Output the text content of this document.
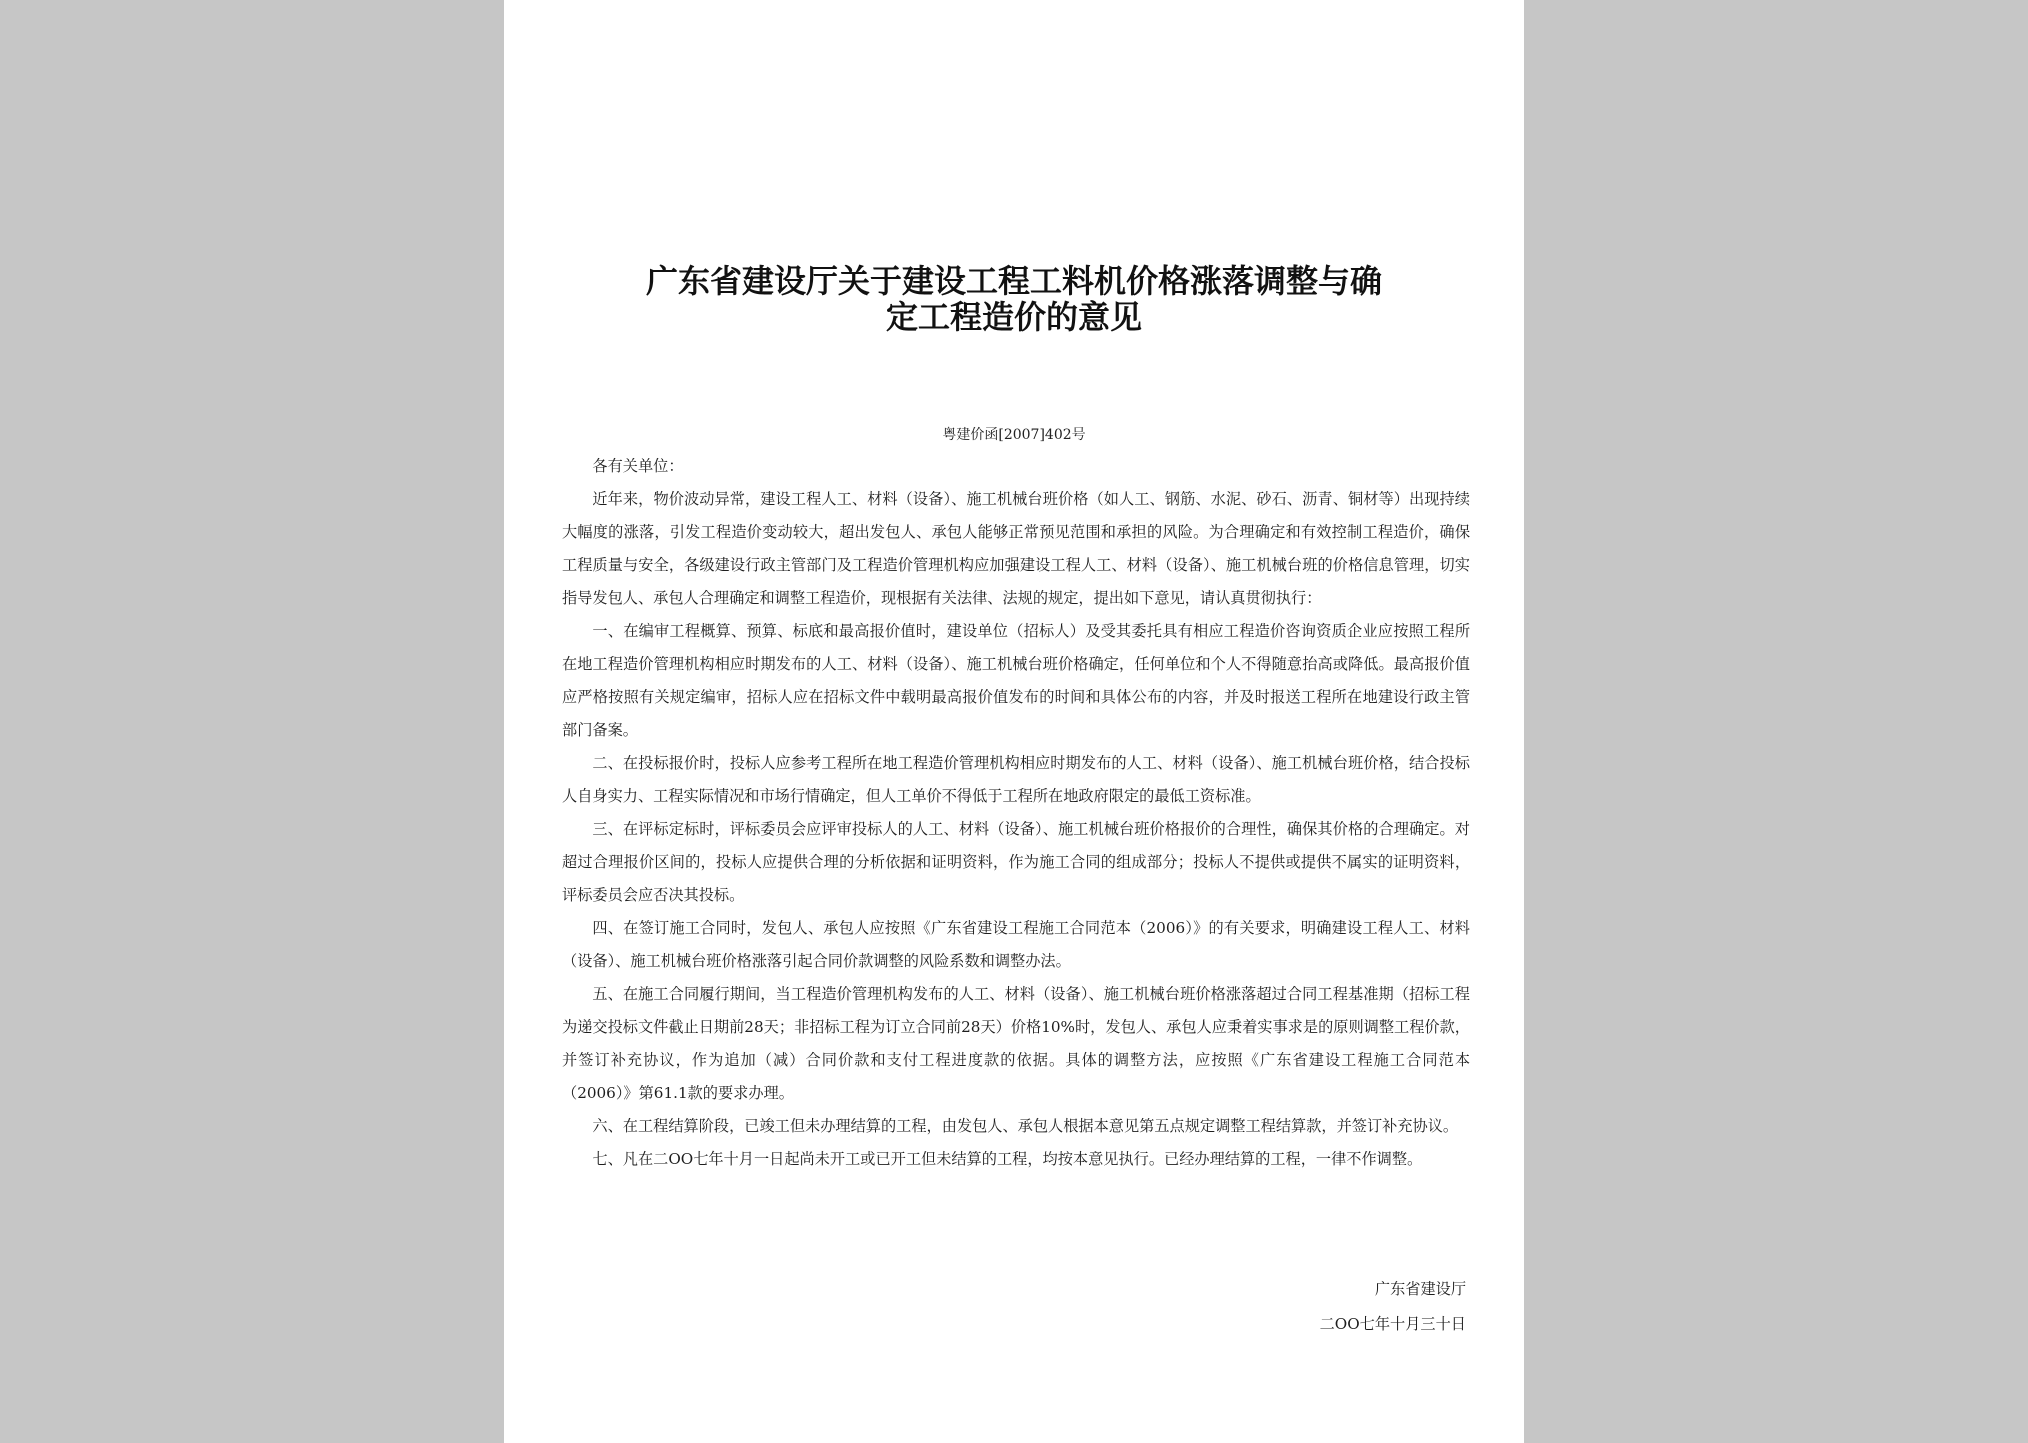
广东省建设厅关于建设工程工料机价格涨落调整与确
定工程造价的意见
粤建价函[2007]402号

各有关单位：

近年来，物价波动异常，建设工程人工、材料（设备）、施工机械台班价格（如人工、钢筋、水泥、砂石、沥青、铜材等）出现持续大幅度的涨落，引发工程造价变动较大，超出发包人、承包人能够正常预见范围和承担的风险。为合理确定和有效控制工程造价，确保工程质量与安全，各级建设行政主管部门及工程造价管理机构应加强建设工程人工、材料（设备）、施工机械台班的价格信息管理，切实指导发包人、承包人合理确定和调整工程造价，现根据有关法律、法规的规定，提出如下意见，请认真贯彻执行：

一、在编审工程概算、预算、标底和最高报价值时，建设单位（招标人）及受其委托具有相应工程造价咨询资质企业应按照工程所在地工程造价管理机构相应时期发布的人工、材料（设备）、施工机械台班价格确定，任何单位和个人不得随意抬高或降低。最高报价值应严格按照有关规定编审，招标人应在招标文件中载明最高报价值发布的时间和具体公布的内容，并及时报送工程所在地建设行政主管部门备案。

二、在投标报价时，投标人应参考工程所在地工程造价管理机构相应时期发布的人工、材料（设备）、施工机械台班价格，结合投标人自身实力、工程实际情况和市场行情确定，但人工单价不得低于工程所在地政府限定的最低工资标准。

三、在评标定标时，评标委员会应评审投标人的人工、材料（设备）、施工机械台班价格报价的合理性，确保其价格的合理确定。对超过合理报价区间的，投标人应提供合理的分析依据和证明资料，作为施工合同的组成部分；投标人不提供或提供不属实的证明资料，评标委员会应否决其投标。

四、在签订施工合同时，发包人、承包人应按照《广东省建设工程施工合同范本（2006）》的有关要求，明确建设工程人工、材料（设备）、施工机械台班价格涨落引起合同价款调整的风险系数和调整办法。

五、在施工合同履行期间，当工程造价管理机构发布的人工、材料（设备）、施工机械台班价格涨落超过合同工程基准期（招标工程为递交投标文件截止日期前28天；非招标工程为订立合同前28天）价格10%时，发包人、承包人应秉着实事求是的原则调整工程价款，并签订补充协议，作为追加（减）合同价款和支付工程进度款的依据。具体的调整方法，应按照《广东省建设工程施工合同范本（2006）》第61.1款的要求办理。

六、在工程结算阶段，已竣工但未办理结算的工程，由发包人、承包人根据本意见第五点规定调整工程结算款，并签订补充协议。

七、凡在二OO七年十月一日起尚未开工或已开工但未结算的工程，均按本意见执行。已经办理结算的工程，一律不作调整。

广东省建设厅
二OO七年十月三十日
